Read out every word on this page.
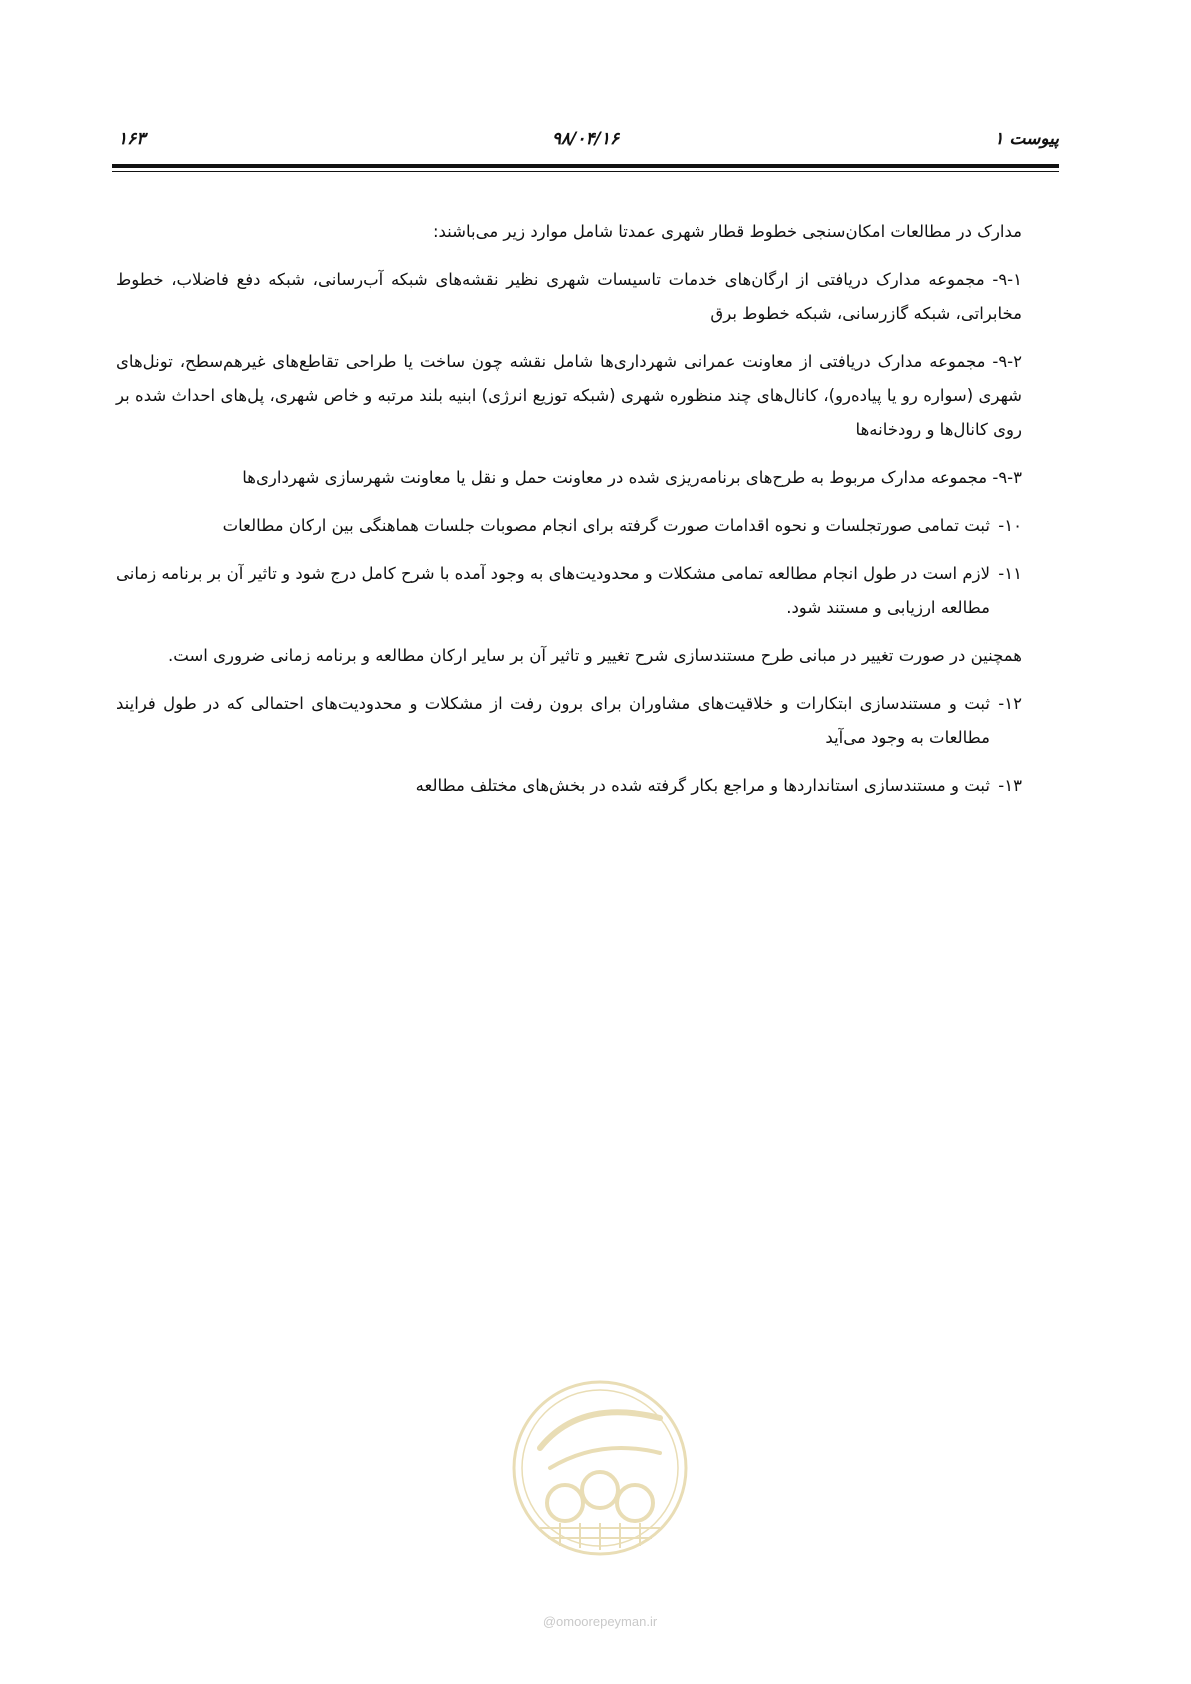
پیوست ۱
۹۸/۰۴/۱۶
۱۶۳

مدارک در مطالعات امکان‌سنجی خطوط قطار شهری عمدتا شامل موارد زیر می‌باشند:

۹-۱- مجموعه مدارک دریافتی از ارگان‌های خدمات تاسیسات شهری نظیر نقشه‌های شبکه آب‌رسانی، شبکه دفع فاضلاب، خطوط مخابراتی، شبکه گازرسانی، شبکه خطوط برق

۹-۲- مجموعه مدارک دریافتی از معاونت عمرانی شهرداری‌ها شامل نقشه چون ساخت یا طراحی تقاطع‌های غیرهم‌سطح، تونل‌های شهری (سواره رو یا پیاده‌رو)، کانال‌های چند منظوره شهری (شبکه توزیع انرژی) ابنیه بلند مرتبه و خاص شهری، پل‌های احداث شده بر روی کانال‌ها و رودخانه‌ها

۹-۳- مجموعه مدارک مربوط به طرح‌های برنامه‌ریزی شده در معاونت حمل و نقل یا معاونت شهرسازی شهرداری‌ها

۱۰-
ثبت تمامی صورتجلسات و نحوه اقدامات صورت گرفته برای انجام مصوبات جلسات هماهنگی بین ارکان مطالعات
۱۱-
لازم است در طول انجام مطالعه تمامی مشکلات و محدودیت‌های به وجود آمده با شرح کامل درج شود و تاثیر آن بر برنامه زمانی مطالعه ارزیابی و مستند شود.

همچنین در صورت تغییر در مبانی طرح مستندسازی شرح تغییر و تاثیر آن بر سایر ارکان مطالعه و برنامه زمانی ضروری است.

۱۲-
ثبت و مستندسازی ابتکارات و خلاقیت‌های مشاوران برای برون رفت از مشکلات و محدودیت‌های احتمالی که در طول فرایند مطالعات به وجود می‌آید
۱۳-
ثبت و مستندسازی استانداردها و مراجع بکار گرفته شده در بخش‌های مختلف مطالعه
@omoorepeyman.ir
